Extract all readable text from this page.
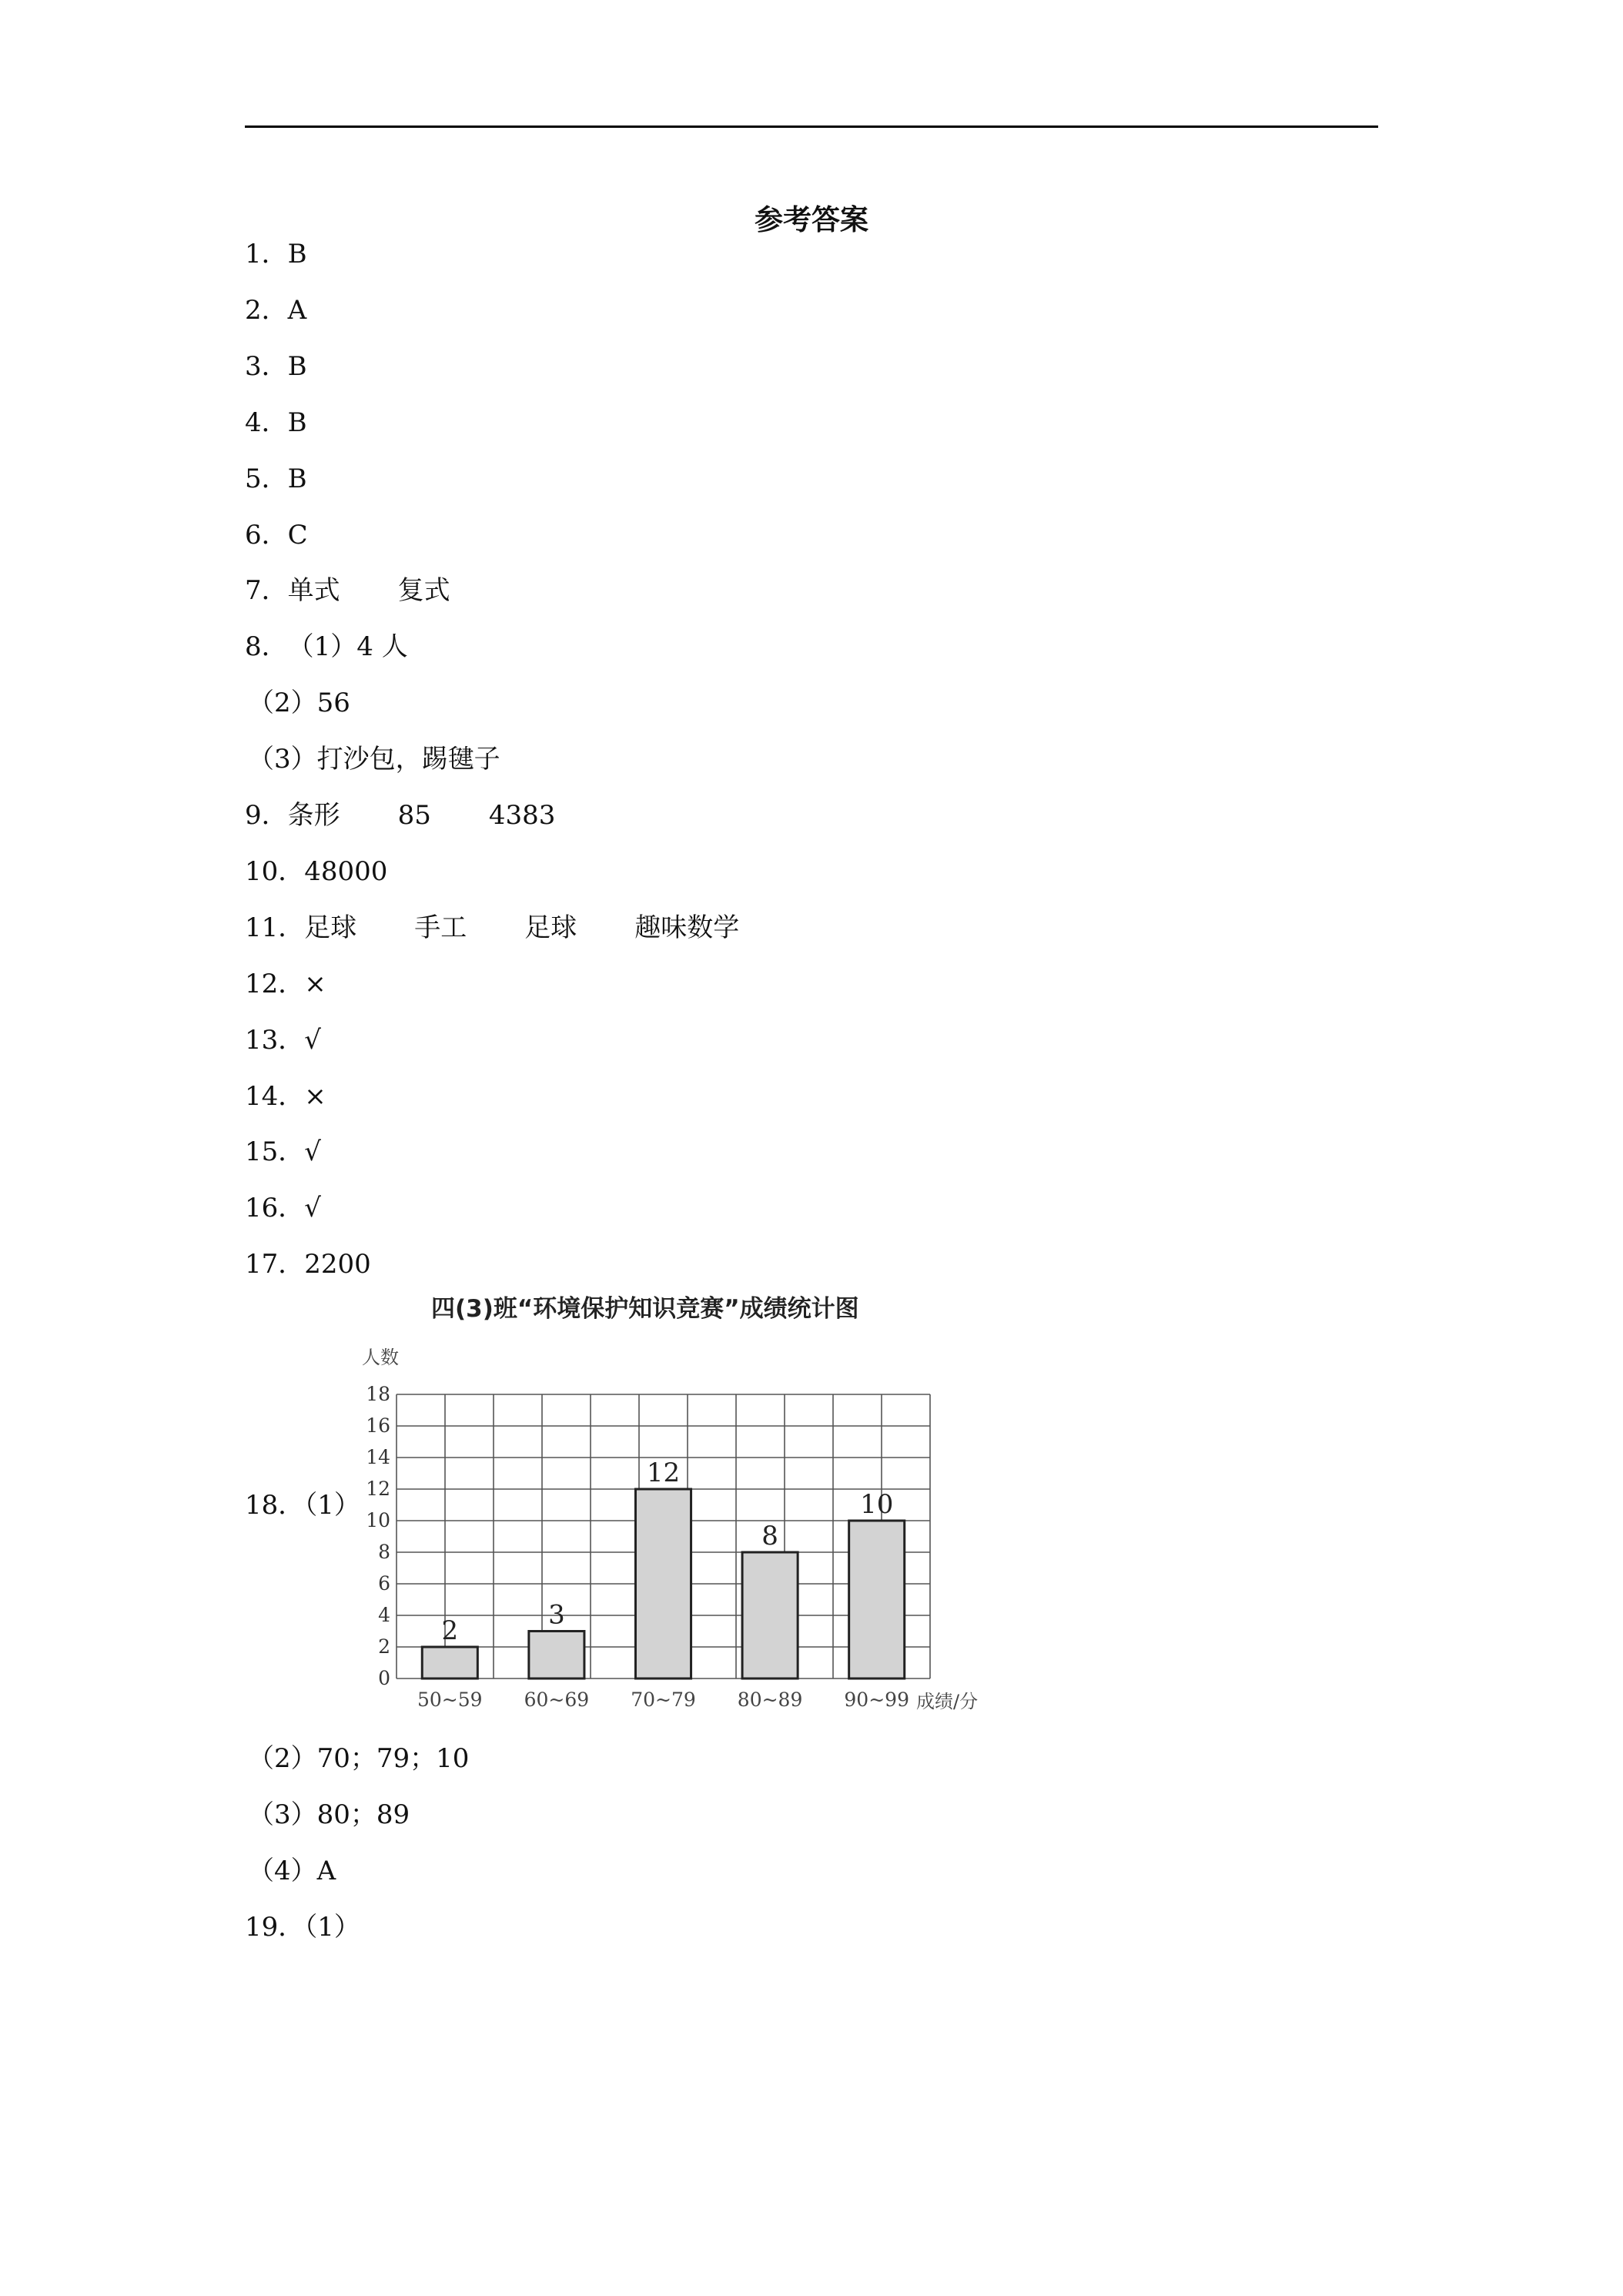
参考答案
1．B
2．A
3．B
4．B
5．B
6．C
7．单式 复式
8．（1）4 人
（2）56
（3）打沙包，踢毽子
9．条形 85 4383
10．48000
11．足球 手工 足球 趣味数学
12．×
13．√
14．×
15．√
16．√
17．2200
18．（1）
四(3)班“环境保护知识竞赛”成绩统计图
人数
2
3
12
8
10
0
2
4
6
8
10
12
14
16
18
50~59 60~69 70~79 80~89 90~99 成绩/分
（2）70；79；10
（3）80；89
（4）A
19．（1）
